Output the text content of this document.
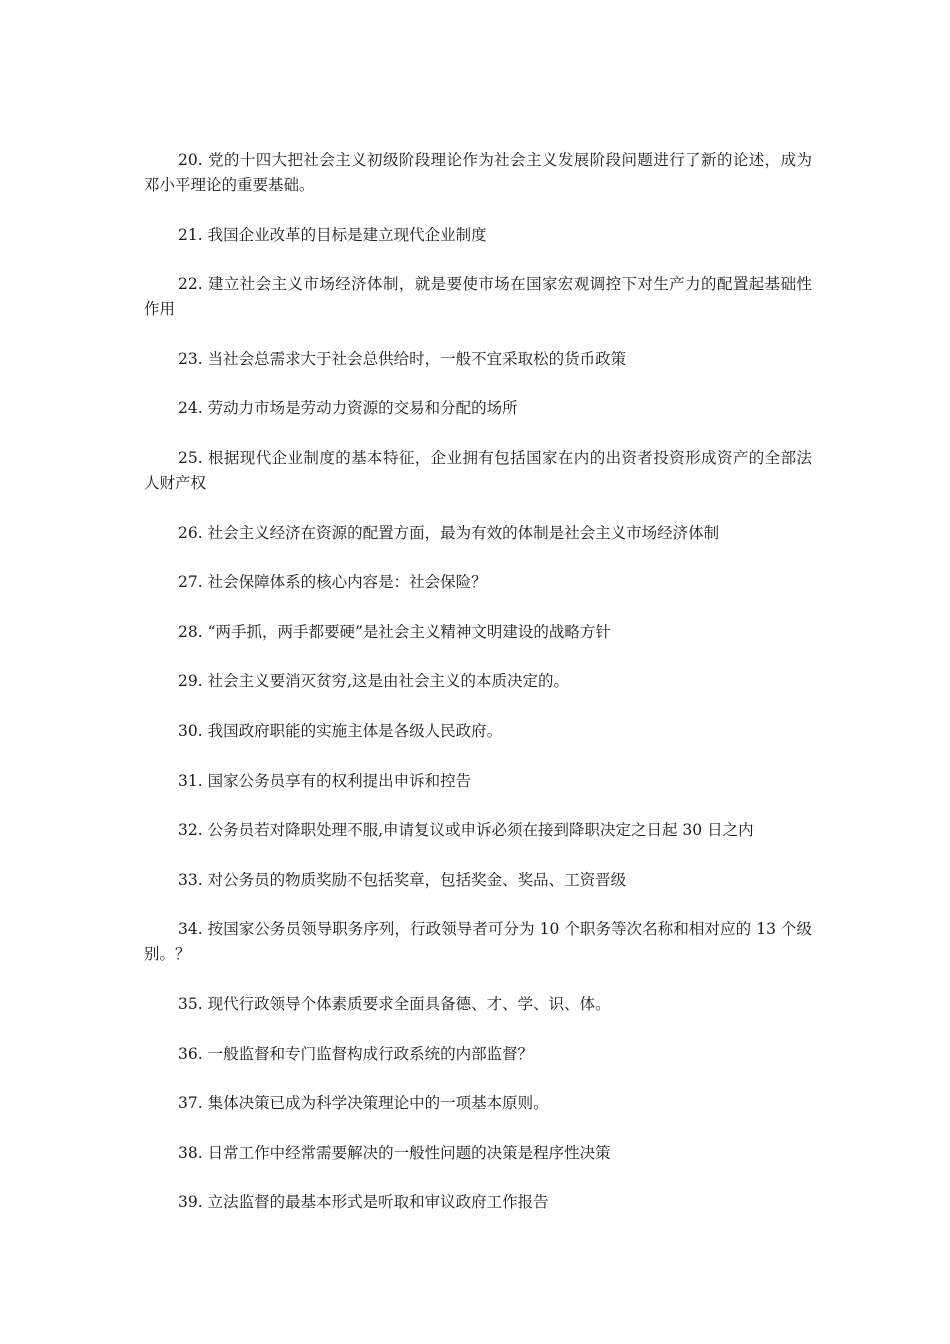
20. 党的十四大把社会主义初级阶段理论作为社会主义发展阶段问题进行了新的论述，成为邓小平理论的重要基础。

21. 我国企业改革的目标是建立现代企业制度

22. 建立社会主义市场经济体制，就是要使市场在国家宏观调控下对生产力的配置起基础性作用

23. 当社会总需求大于社会总供给时，一般不宜采取松的货币政策

24. 劳动力市场是劳动力资源的交易和分配的场所

25. 根据现代企业制度的基本特征，企业拥有包括国家在内的出资者投资形成资产的全部法人财产权

26. 社会主义经济在资源的配置方面，最为有效的体制是社会主义市场经济体制

27. 社会保障体系的核心内容是：社会保险？

28. “两手抓，两手都要硬”是社会主义精神文明建设的战略方针

29. 社会主义要消灭贫穷,这是由社会主义的本质决定的。

30. 我国政府职能的实施主体是各级人民政府。

31. 国家公务员享有的权利提出申诉和控告

32. 公务员若对降职处理不服,申请复议或申诉必须在接到降职决定之日起 30 日之内

33. 对公务员的物质奖励不包括奖章，包括奖金、奖品、工资晋级

34. 按国家公务员领导职务序列，行政领导者可分为 10 个职务等次名称和相对应的 13 个级别。？

35. 现代行政领导个体素质要求全面具备德、才、学、识、体。

36. 一般监督和专门监督构成行政系统的内部监督？

37. 集体决策已成为科学决策理论中的一项基本原则。

38. 日常工作中经常需要解决的一般性问题的决策是程序性决策

39. 立法监督的最基本形式是听取和审议政府工作报告
